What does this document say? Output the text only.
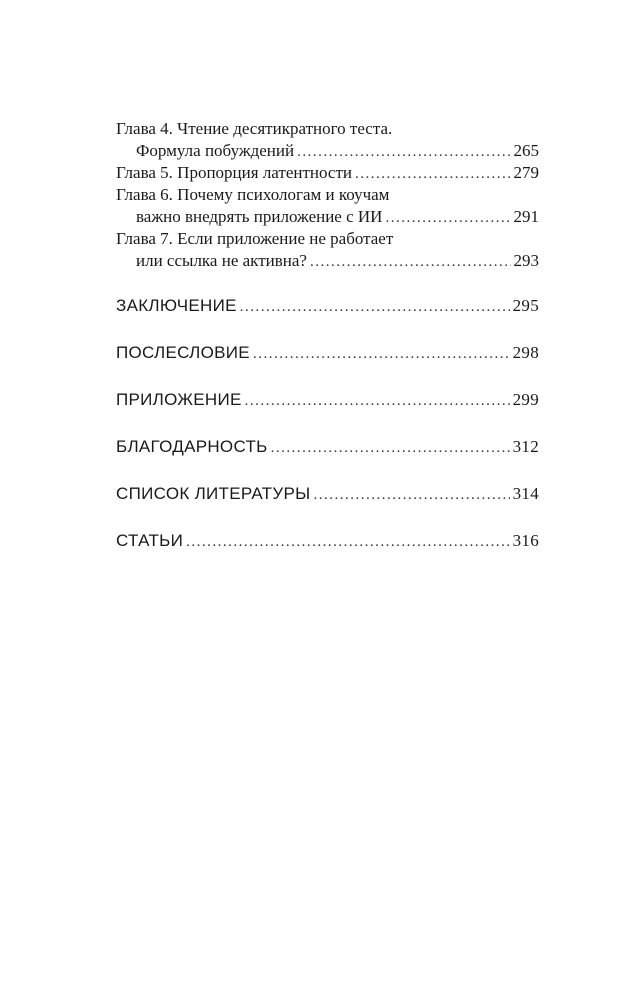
Глава 4. Чтение десятикратного теста.
Формула побуждений .....	265
Глава 5. Пропорция латентности .....	279
Глава 6. Почему психологам и коучам
важно внедрять приложение с ИИ .....	291
Глава 7. Если приложение не работает
или ссылка не активна? .....	293
ЗАКЛЮЧЕНИЕ .....	295
ПОСЛЕСЛОВИЕ .....	298
ПРИЛОЖЕНИЕ .....	299
БЛАГОДАРНОСТЬ .....	312
СПИСОК ЛИТЕРАТУРЫ .....	314
СТАТЬИ .....	316
